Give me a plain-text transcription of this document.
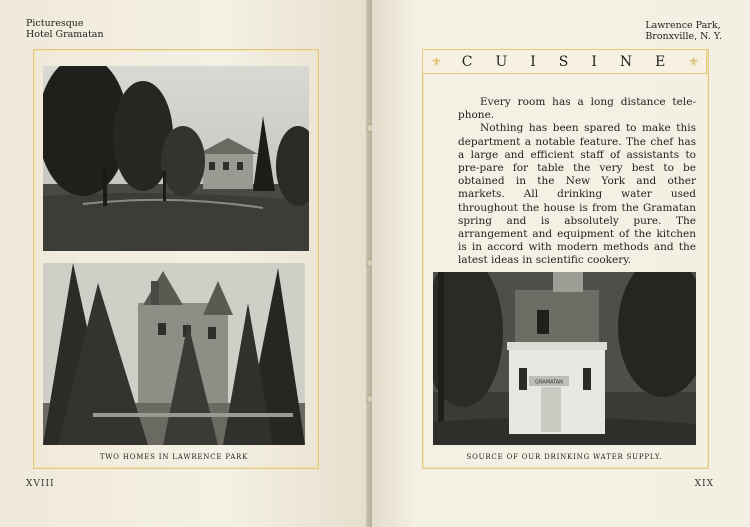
Picturesque
Hotel Gramatan
TWO HOMES IN LAWRENCE PARK
XVIII
Lawrence Park,
Bronxville, N. Y.
⚜ CUISINE ⚜

Every room has a long distance tele-phone.

Nothing has been spared to make this department a notable feature. The chef has a large and efficient staff of assistants to pre-pare for table the very best to be obtained in the New York and other markets. All drinking water used throughout the house is from the Gramatan spring and is absolutely pure. The arrangement and equipment of the kitchen is in accord with modern methods and the latest ideas in scientific cookery.

GRAMATAN
SOURCE OF OUR DRINKING WATER SUPPLY.
XIX
